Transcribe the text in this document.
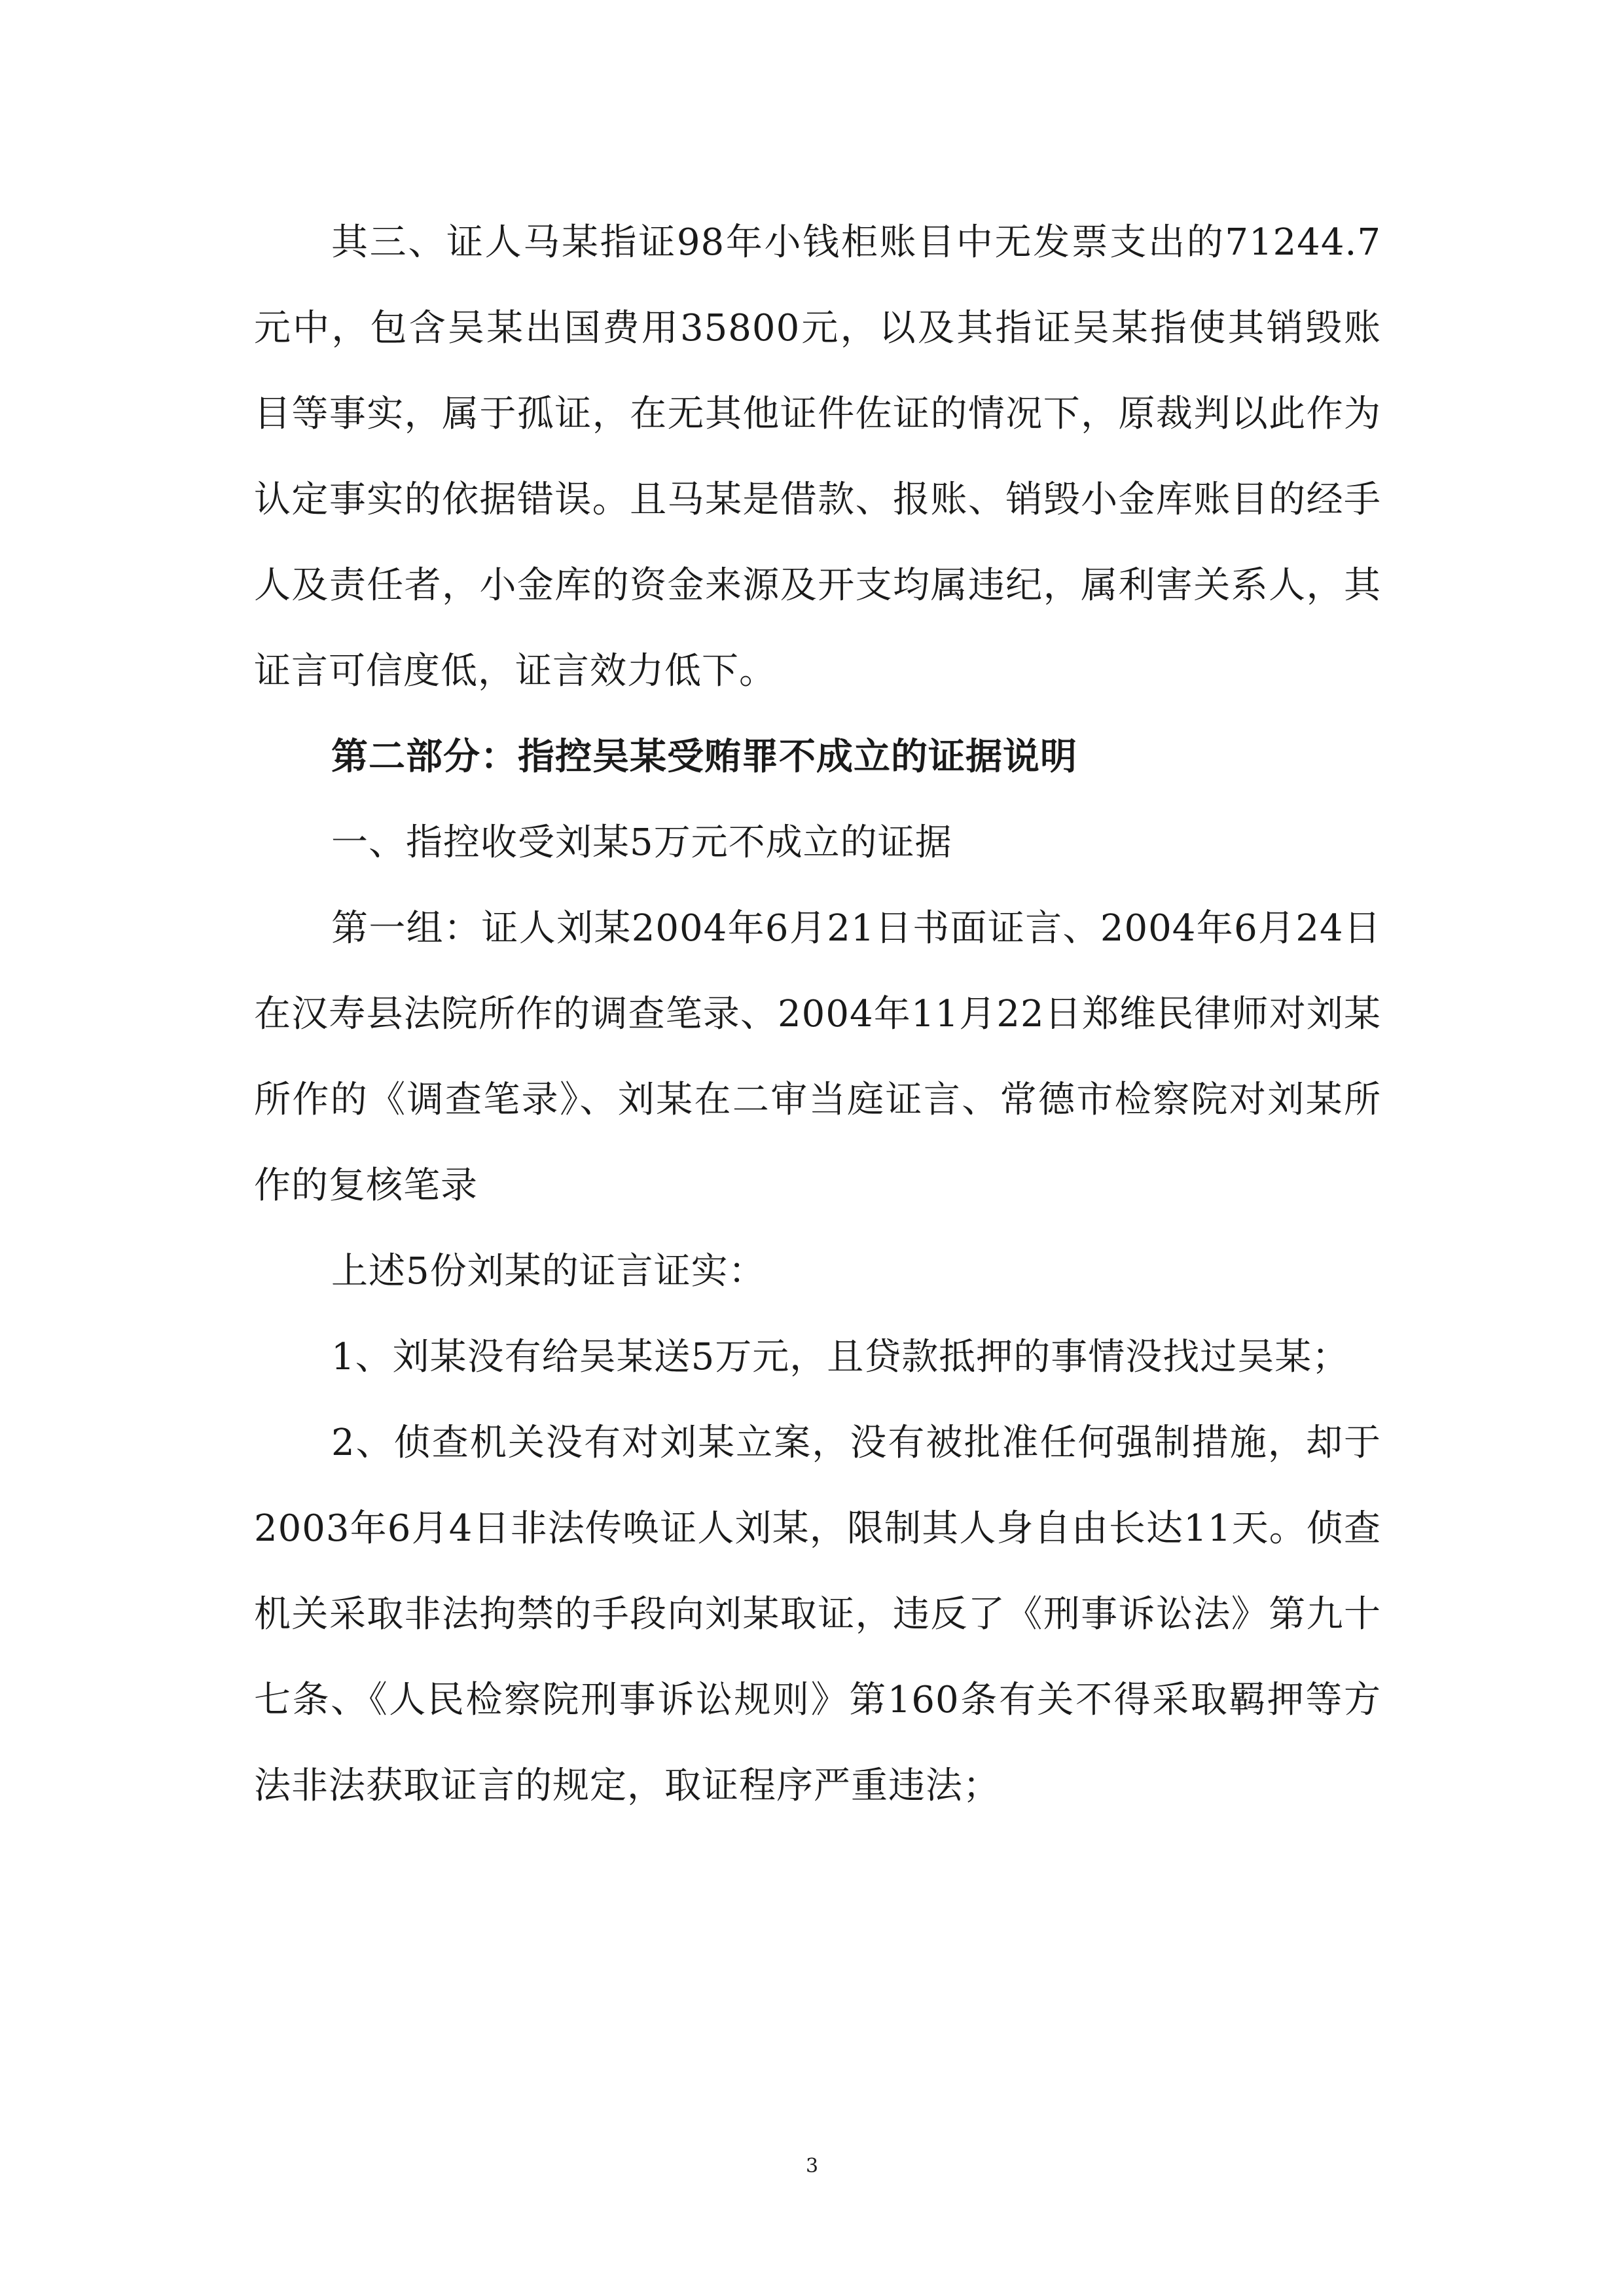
其三、证人马某指证98年小钱柜账目中无发票支出的71244.7元中，包含吴某出国费用35800元，以及其指证吴某指使其销毁账目等事实，属于孤证，在无其他证件佐证的情况下，原裁判以此作为认定事实的依据错误。且马某是借款、报账、销毁小金库账目的经手人及责任者，小金库的资金来源及开支均属违纪，属利害关系人，其证言可信度低，证言效力低下。

第二部分：指控吴某受贿罪不成立的证据说明

一、指控收受刘某5万元不成立的证据

第一组：证人刘某2004年6月21日书面证言、2004年6月24日在汉寿县法院所作的调查笔录、2004年11月22日郑维民律师对刘某所作的《调查笔录》、刘某在二审当庭证言、常德市检察院对刘某所作的复核笔录

上述5份刘某的证言证实：

1、刘某没有给吴某送5万元，且贷款抵押的事情没找过吴某；

2、侦查机关没有对刘某立案，没有被批准任何强制措施，却于2003年6月4日非法传唤证人刘某，限制其人身自由长达11天。侦查机关采取非法拘禁的手段向刘某取证，违反了《刑事诉讼法》第九十七条、《人民检察院刑事诉讼规则》第160条有关不得采取羁押等方法非法获取证言的规定，取证程序严重违法；

3
